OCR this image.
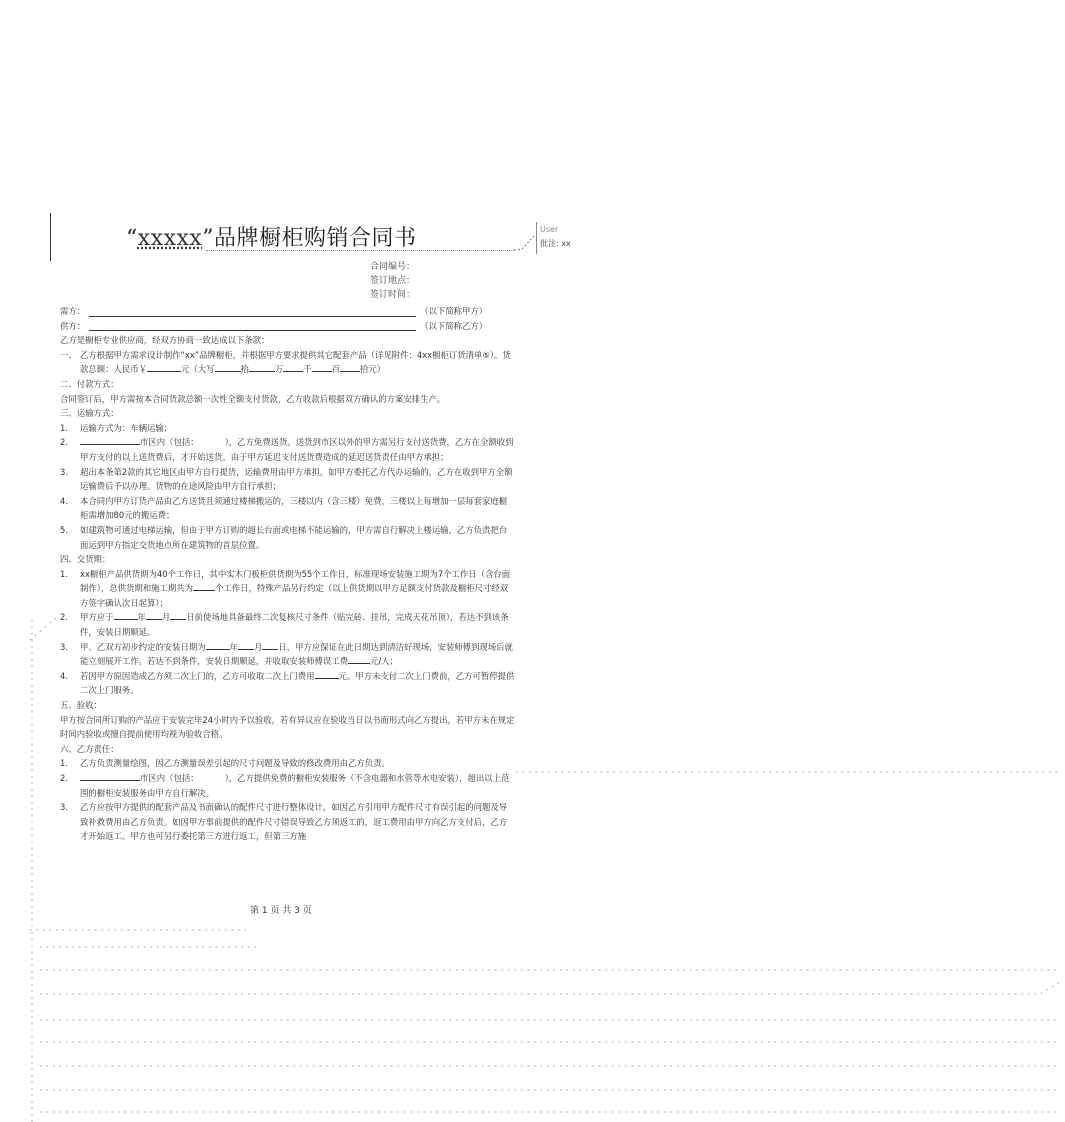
“xxxxx”品牌橱柜购销合同书	User
批注: xx
合同编号：
签订地点：
签订时间：
需方：	（以下简称甲方）
供方：	（以下简称乙方）

乙方是橱柜专业供应商，经双方协商一致达成以下条款：

一、 乙方根据甲方需求设计制作“xx”品牌橱柜，并根据甲方要求提供其它配套产品（详见附件：4xx橱柜订货清单⑤）。货款总额：人民币￥	元（大写	拾	万 千 百 拾元）

二、付款方式：

合同签订后，甲方需按本合同货款总额一次性全额支付货款，乙方收款后根据双方确认的方案安排生产。

三、运输方式：

1. 运输方式为：车辆运输；

2.	市区内（包括：	），乙方免费送货。送货到市区以外的甲方需另行支付送货费，乙方在全额收到甲方支付的以上送货费后，才开始送货。由于甲方延迟支付送货费造成的延迟送货责任由甲方承担；

3. 超出本条第2款的其它地区由甲方自行提货，运输费用由甲方承担。如甲方委托乙方代办运输的，乙方在收到甲方全额运输费后予以办理。货物的在途风险由甲方自行承担；

4. 本合同内甲方订货产品由乙方送货且须通过楼梯搬运的，三楼以内（含三楼）免费，三楼以上每增加一层每套家庭橱柜需增加80元的搬运费；

5. 如建筑物可通过电梯运输，但由于甲方订购的超长台面或电梯不能运输的，甲方需自行解决上楼运输，乙方负责把台面运到甲方指定交货地点所在建筑物的首层位置。

四、交货期：

1. xx橱柜产品供货期为40个工作日，其中实木门板柜供货期为55个工作日，标准现场安装施工期为7个工作日（含台面制作），总供货期和施工期共为	个工作日，特殊产品另行约定（以上供货期以甲方足额支付货款及橱柜尺寸经双方签字确认次日起算）；

2. 甲方应于	年 月 日前使场地具备最终二次复核尺寸条件（贴完砖、挂吊，完成天花吊顶），若达不到该条件，安装日期顺延。

3. 甲、乙双方初步约定的安装日期为	年 月 日，甲方应保证在此日期达到清洁好现场，安装师傅到现场后就能立刻展开工作。若达不到条件，安装日期顺延，并收取安装师傅误工费	元/人；

4. 若因甲方原因造成乙方须二次上门的，乙方可收取二次上门费用	元。甲方未支付二次上门费前，乙方可暂停提供二次上门服务。

五、验收：

甲方按合同所订购的产品应于安装完毕24小时内予以验收，若有异议应在验收当日以书面形式向乙方提出，若甲方未在规定时间内验收或擅自提前使用均视为验收合格。

六、乙方责任：

1. 乙方负责测量绘图，因乙方测量误差引起的尺寸问题及导致的修改费用由乙方负责。

2.	市区内（包括：	），乙方提供免费的橱柜安装服务（不含电器和水管等水电安装），超出以上范围的橱柜安装服务由甲方自行解决。

3. 乙方应按甲方提供的配套产品及书面确认的配件尺寸进行整体设计，如因乙方引用甲方配件尺寸有误引起的问题及导致补救费用由乙方负责。如因甲方事前提供的配件尺寸错误导致乙方须返工的，返工费用由甲方向乙方支付后，乙方才开始返工。甲方也可另行委托第三方进行返工，但第三方施

第 1 页 共 3 页
